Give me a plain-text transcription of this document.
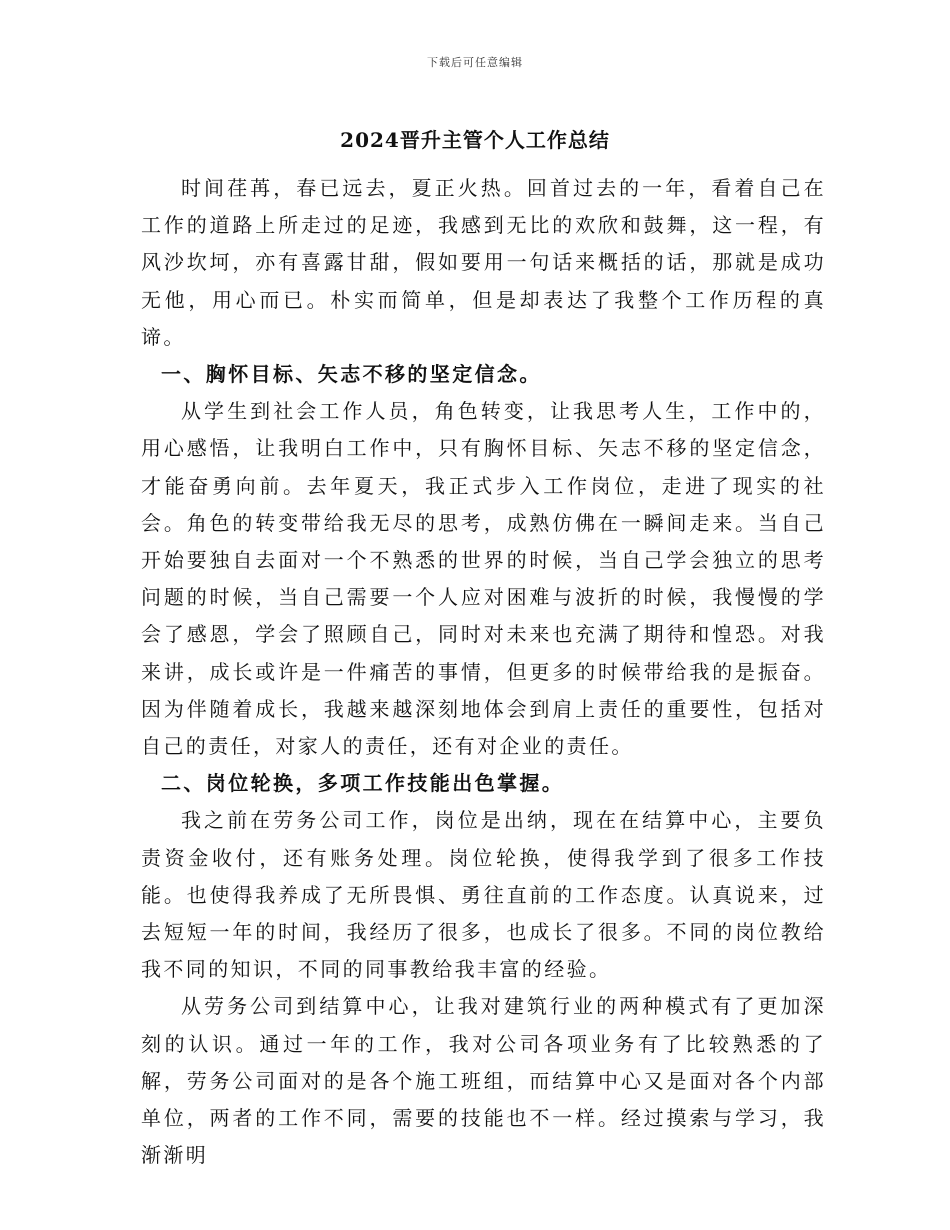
下载后可任意编辑
2024晋升主管个人工作总结

时间荏苒，春已远去，夏正火热。回首过去的一年，看着自己在工作的道路上所走过的足迹，我感到无比的欢欣和鼓舞，这一程，有风沙坎坷，亦有喜露甘甜，假如要用一句话来概括的话，那就是成功无他，用心而已。朴实而简单，但是却表达了我整个工作历程的真谛。

一、胸怀目标、矢志不移的坚定信念。

从学生到社会工作人员，角色转变，让我思考人生，工作中的，用心感悟，让我明白工作中，只有胸怀目标、矢志不移的坚定信念，才能奋勇向前。去年夏天，我正式步入工作岗位，走进了现实的社会。角色的转变带给我无尽的思考，成熟仿佛在一瞬间走来。当自己开始要独自去面对一个不熟悉的世界的时候，当自己学会独立的思考问题的时候，当自己需要一个人应对困难与波折的时候，我慢慢的学会了感恩，学会了照顾自己，同时对未来也充满了期待和惶恐。对我来讲，成长或许是一件痛苦的事情，但更多的时候带给我的是振奋。因为伴随着成长，我越来越深刻地体会到肩上责任的重要性，包括对自己的责任，对家人的责任，还有对企业的责任。

二、岗位轮换，多项工作技能出色掌握。

我之前在劳务公司工作，岗位是出纳，现在在结算中心，主要负责资金收付，还有账务处理。岗位轮换，使得我学到了很多工作技能。也使得我养成了无所畏惧、勇往直前的工作态度。认真说来，过去短短一年的时间，我经历了很多，也成长了很多。不同的岗位教给我不同的知识，不同的同事教给我丰富的经验。

从劳务公司到结算中心，让我对建筑行业的两种模式有了更加深刻的认识。通过一年的工作，我对公司各项业务有了比较熟悉的了解，劳务公司面对的是各个施工班组，而结算中心又是面对各个内部单位，两者的工作不同，需要的技能也不一样。经过摸索与学习，我渐渐明
